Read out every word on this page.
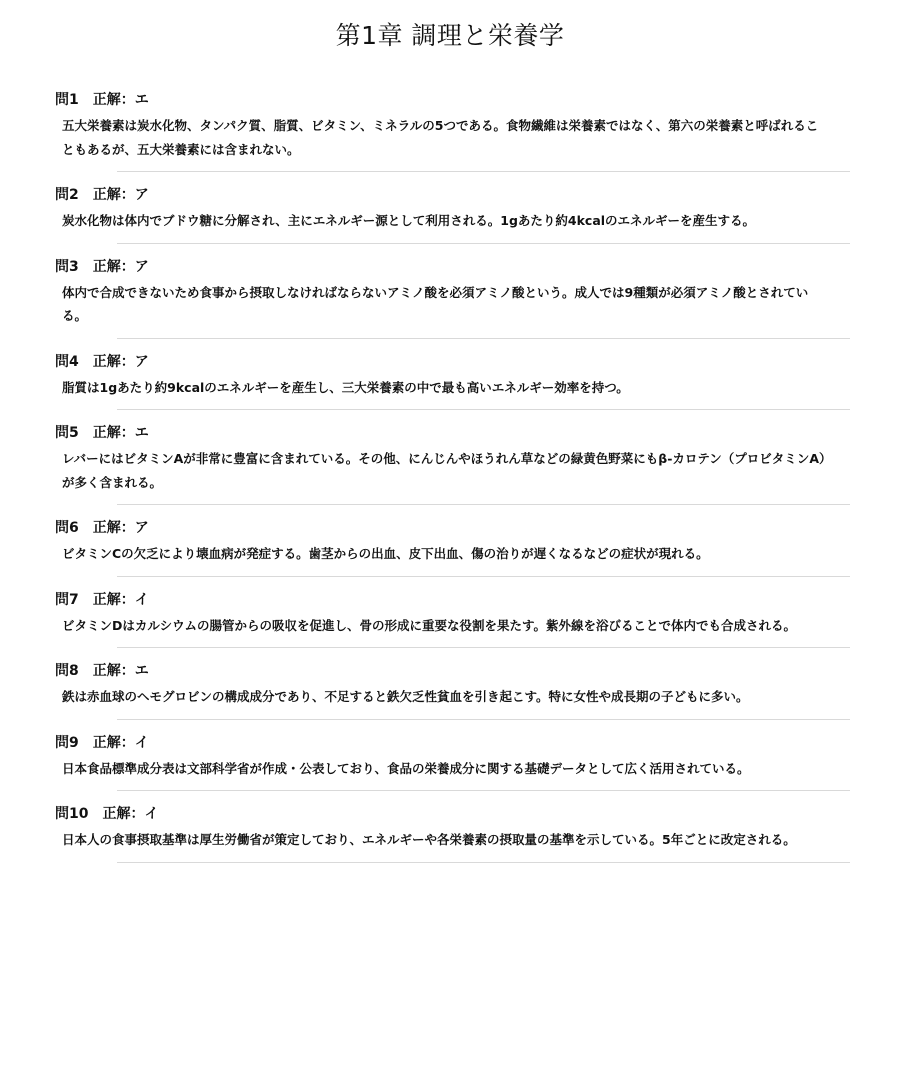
第1章 調理と栄養学
問1 正解：エ
五大栄養素は炭水化物、タンパク質、脂質、ビタミン、ミネラルの5つである。食物繊維は栄養素ではなく、第六の栄養素と呼ばれることもあるが、五大栄養素には含まれない。
問2 正解：ア
炭水化物は体内でブドウ糖に分解され、主にエネルギー源として利用される。1gあたり約4kcalのエネルギーを産生する。
問3 正解：ア
体内で合成できないため食事から摂取しなければならないアミノ酸を必須アミノ酸という。成人では9種類が必須アミノ酸とされている。
問4 正解：ア
脂質は1gあたり約9kcalのエネルギーを産生し、三大栄養素の中で最も高いエネルギー効率を持つ。
問5 正解：エ
レバーにはビタミンAが非常に豊富に含まれている。その他、にんじんやほうれん草などの緑黄色野菜にもβ-カロテン（プロビタミンA）が多く含まれる。
問6 正解：ア
ビタミンCの欠乏により壊血病が発症する。歯茎からの出血、皮下出血、傷の治りが遅くなるなどの症状が現れる。
問7 正解：イ
ビタミンDはカルシウムの腸管からの吸収を促進し、骨の形成に重要な役割を果たす。紫外線を浴びることで体内でも合成される。
問8 正解：エ
鉄は赤血球のヘモグロビンの構成成分であり、不足すると鉄欠乏性貧血を引き起こす。特に女性や成長期の子どもに多い。
問9 正解：イ
日本食品標準成分表は文部科学省が作成・公表しており、食品の栄養成分に関する基礎データとして広く活用されている。
問10 正解：イ
日本人の食事摂取基準は厚生労働省が策定しており、エネルギーや各栄養素の摂取量の基準を示している。5年ごとに改定される。
